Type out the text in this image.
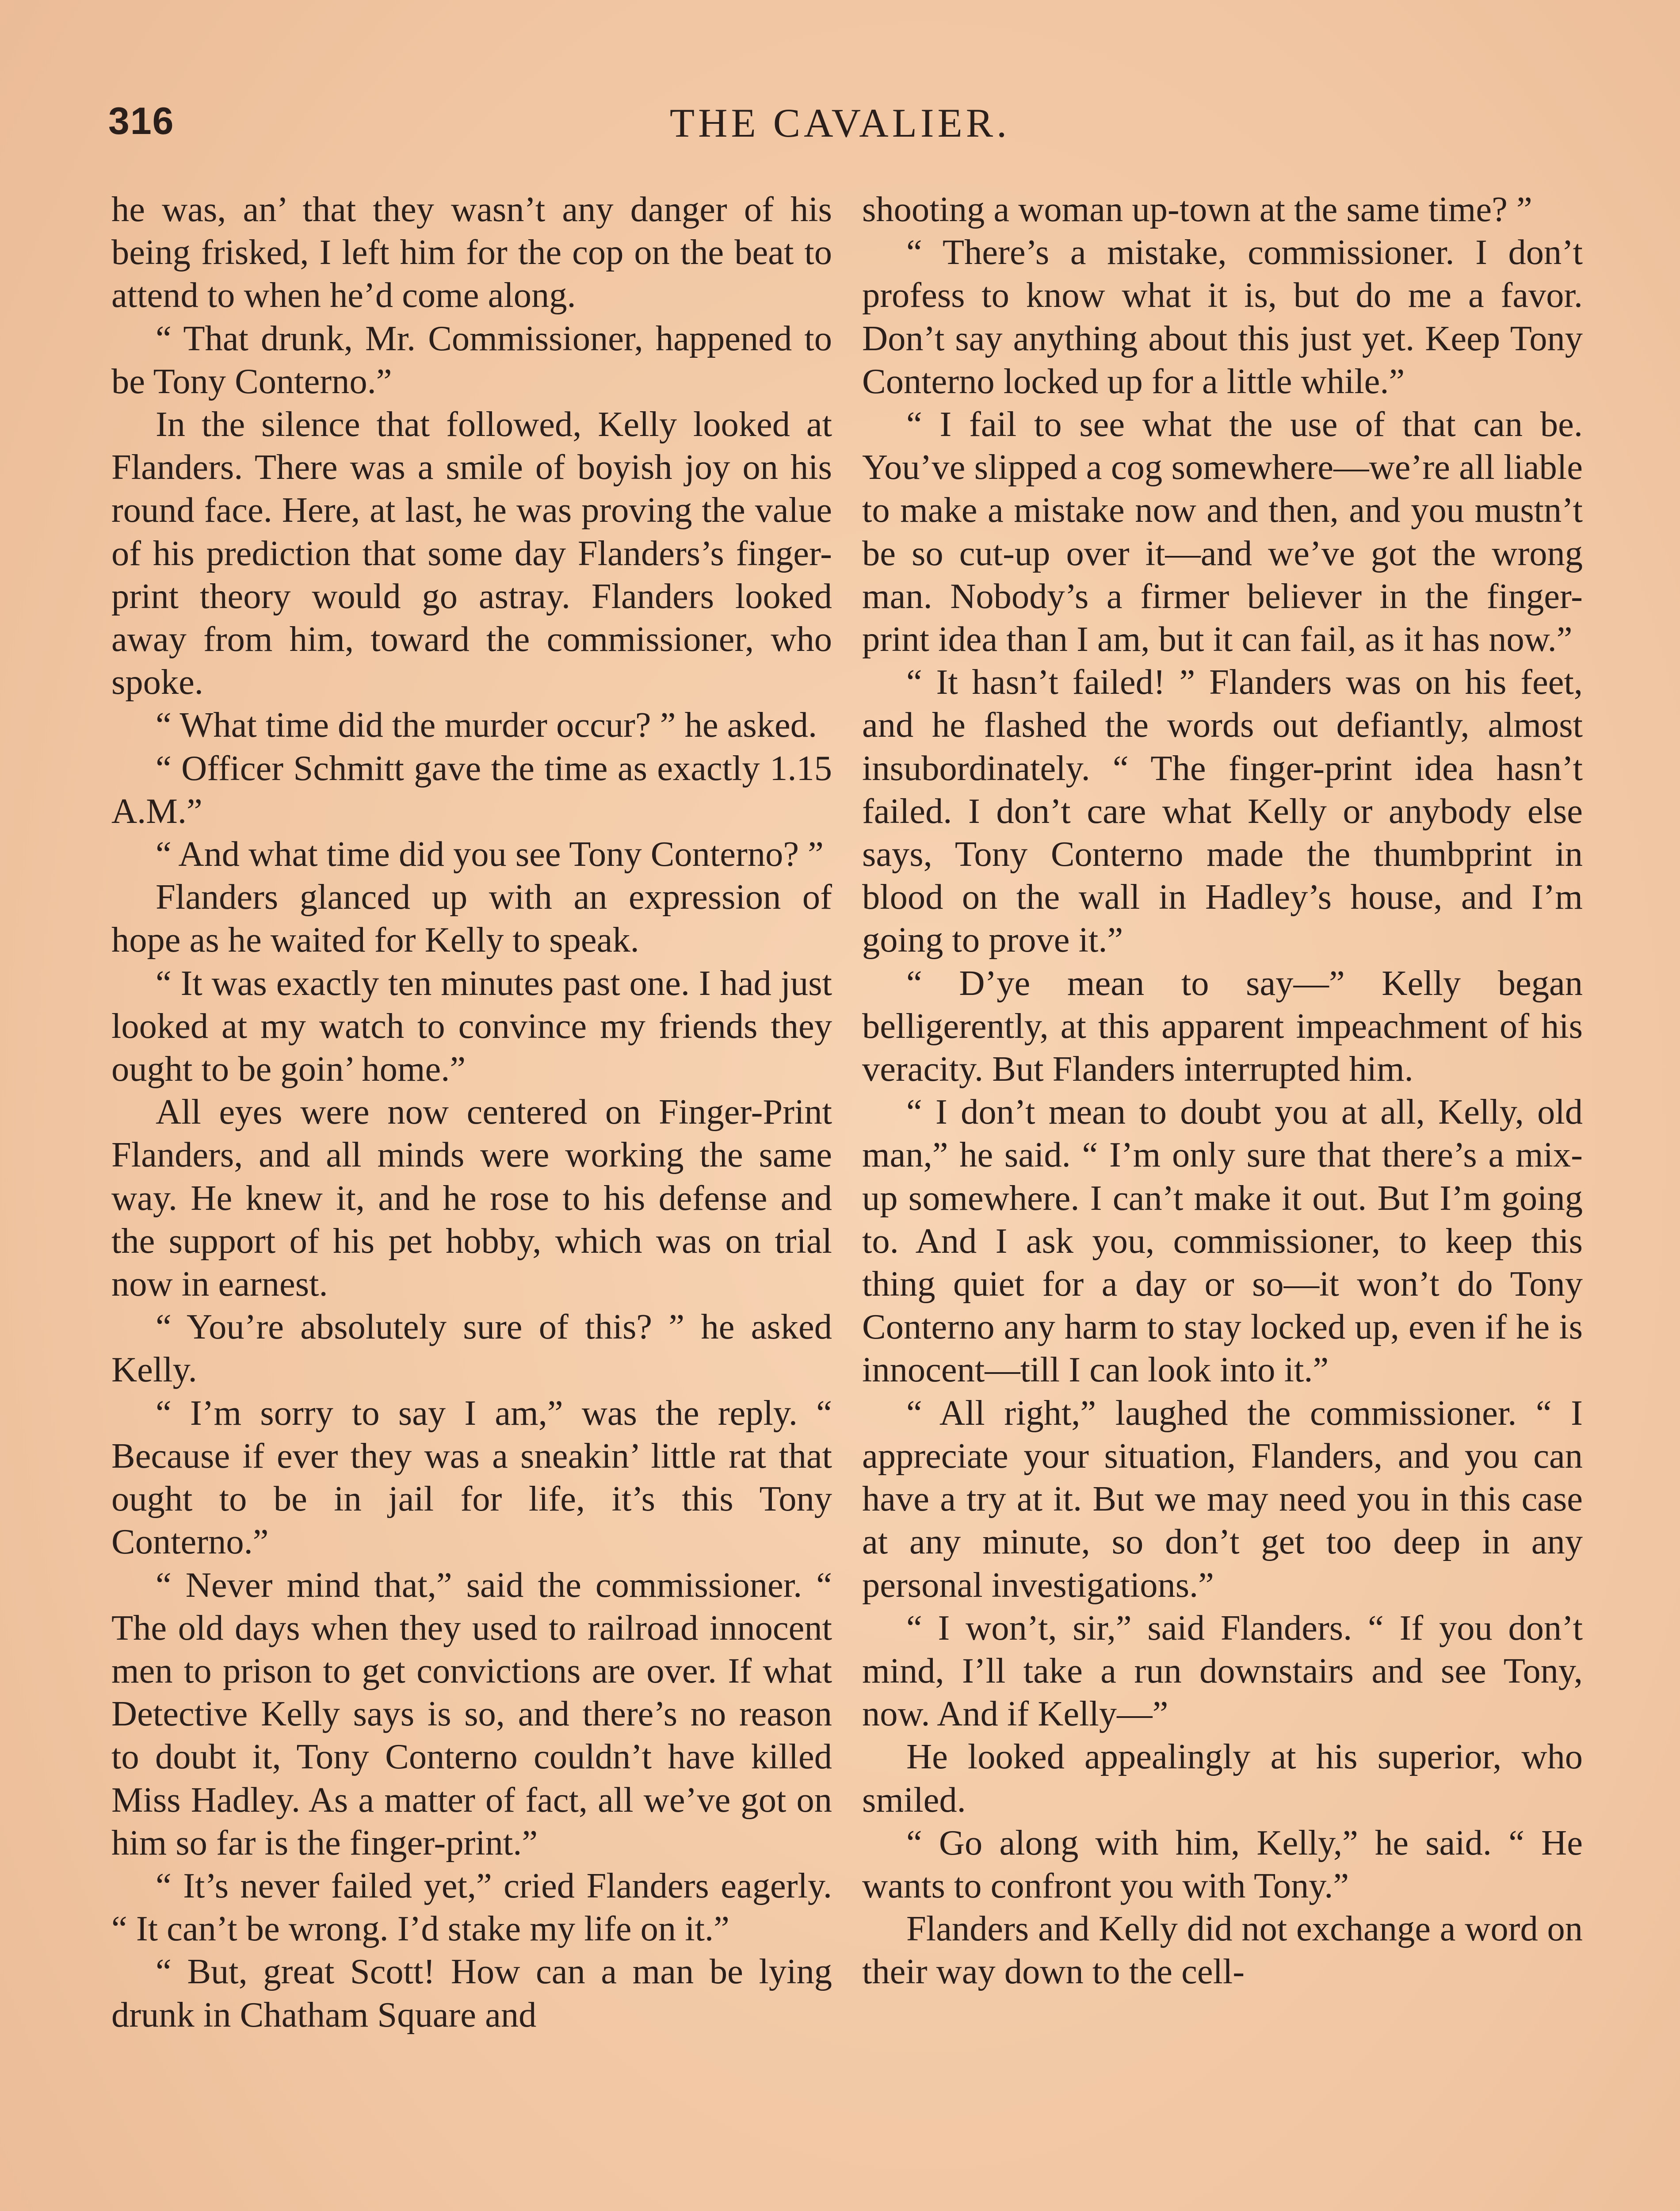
316	THE CAVALIER.

he was, an’ that they wasn’t any danger of his being frisked, I left him for the cop on the beat to attend to when he’d come along.

“ That drunk, Mr. Commissioner, happened to be Tony Conterno.”

In the silence that followed, Kelly looked at Flanders. There was a smile of boyish joy on his round face. Here, at last, he was proving the value of his prediction that some day Flanders’s finger-print theory would go astray. Flanders looked away from him, toward the commissioner, who spoke.

“ What time did the murder occur? ” he asked.

“ Officer Schmitt gave the time as exactly 1.15 A.M.”

“ And what time did you see Tony Conterno? ”

Flanders glanced up with an expression of hope as he waited for Kelly to speak.

“ It was exactly ten minutes past one. I had just looked at my watch to convince my friends they ought to be goin’ home.”

All eyes were now centered on Finger-Print Flanders, and all minds were working the same way. He knew it, and he rose to his defense and the support of his pet hobby, which was on trial now in earnest.

“ You’re absolutely sure of this? ” he asked Kelly.

“ I’m sorry to say I am,” was the reply. “ Because if ever they was a sneakin’ little rat that ought to be in jail for life, it’s this Tony Conterno.”

“ Never mind that,” said the commissioner. “ The old days when they used to railroad innocent men to prison to get convictions are over. If what Detective Kelly says is so, and there’s no reason to doubt it, Tony Conterno couldn’t have killed Miss Hadley. As a matter of fact, all we’ve got on him so far is the finger-print.”

“ It’s never failed yet,” cried Flanders eagerly. “ It can’t be wrong. I’d stake my life on it.”

“ But, great Scott! How can a man be lying drunk in Chatham Square and

shooting a woman up-town at the same time? ”

“ There’s a mistake, commissioner. I don’t profess to know what it is, but do me a favor. Don’t say anything about this just yet. Keep Tony Conterno locked up for a little while.”

“ I fail to see what the use of that can be. You’ve slipped a cog somewhere—we’re all liable to make a mistake now and then, and you mustn’t be so cut-up over it—and we’ve got the wrong man. Nobody’s a firmer believer in the finger-print idea than I am, but it can fail, as it has now.”

“ It hasn’t failed! ” Flanders was on his feet, and he flashed the words out defiantly, almost insubordinately. “ The finger-print idea hasn’t failed. I don’t care what Kelly or anybody else says, Tony Conterno made the thumbprint in blood on the wall in Hadley’s house, and I’m going to prove it.”

“ D’ye mean to say—” Kelly began belligerently, at this apparent impeachment of his veracity. But Flanders interrupted him.

“ I don’t mean to doubt you at all, Kelly, old man,” he said. “ I’m only sure that there’s a mix-up somewhere. I can’t make it out. But I’m going to. And I ask you, commissioner, to keep this thing quiet for a day or so—it won’t do Tony Conterno any harm to stay locked up, even if he is innocent—till I can look into it.”

“ All right,” laughed the commissioner. “ I appreciate your situation, Flanders, and you can have a try at it. But we may need you in this case at any minute, so don’t get too deep in any personal investigations.”

“ I won’t, sir,” said Flanders. “ If you don’t mind, I’ll take a run downstairs and see Tony, now. And if Kelly—”

He looked appealingly at his superior, who smiled.

“ Go along with him, Kelly,” he said. “ He wants to confront you with Tony.”

Flanders and Kelly did not exchange a word on their way down to the cell-
